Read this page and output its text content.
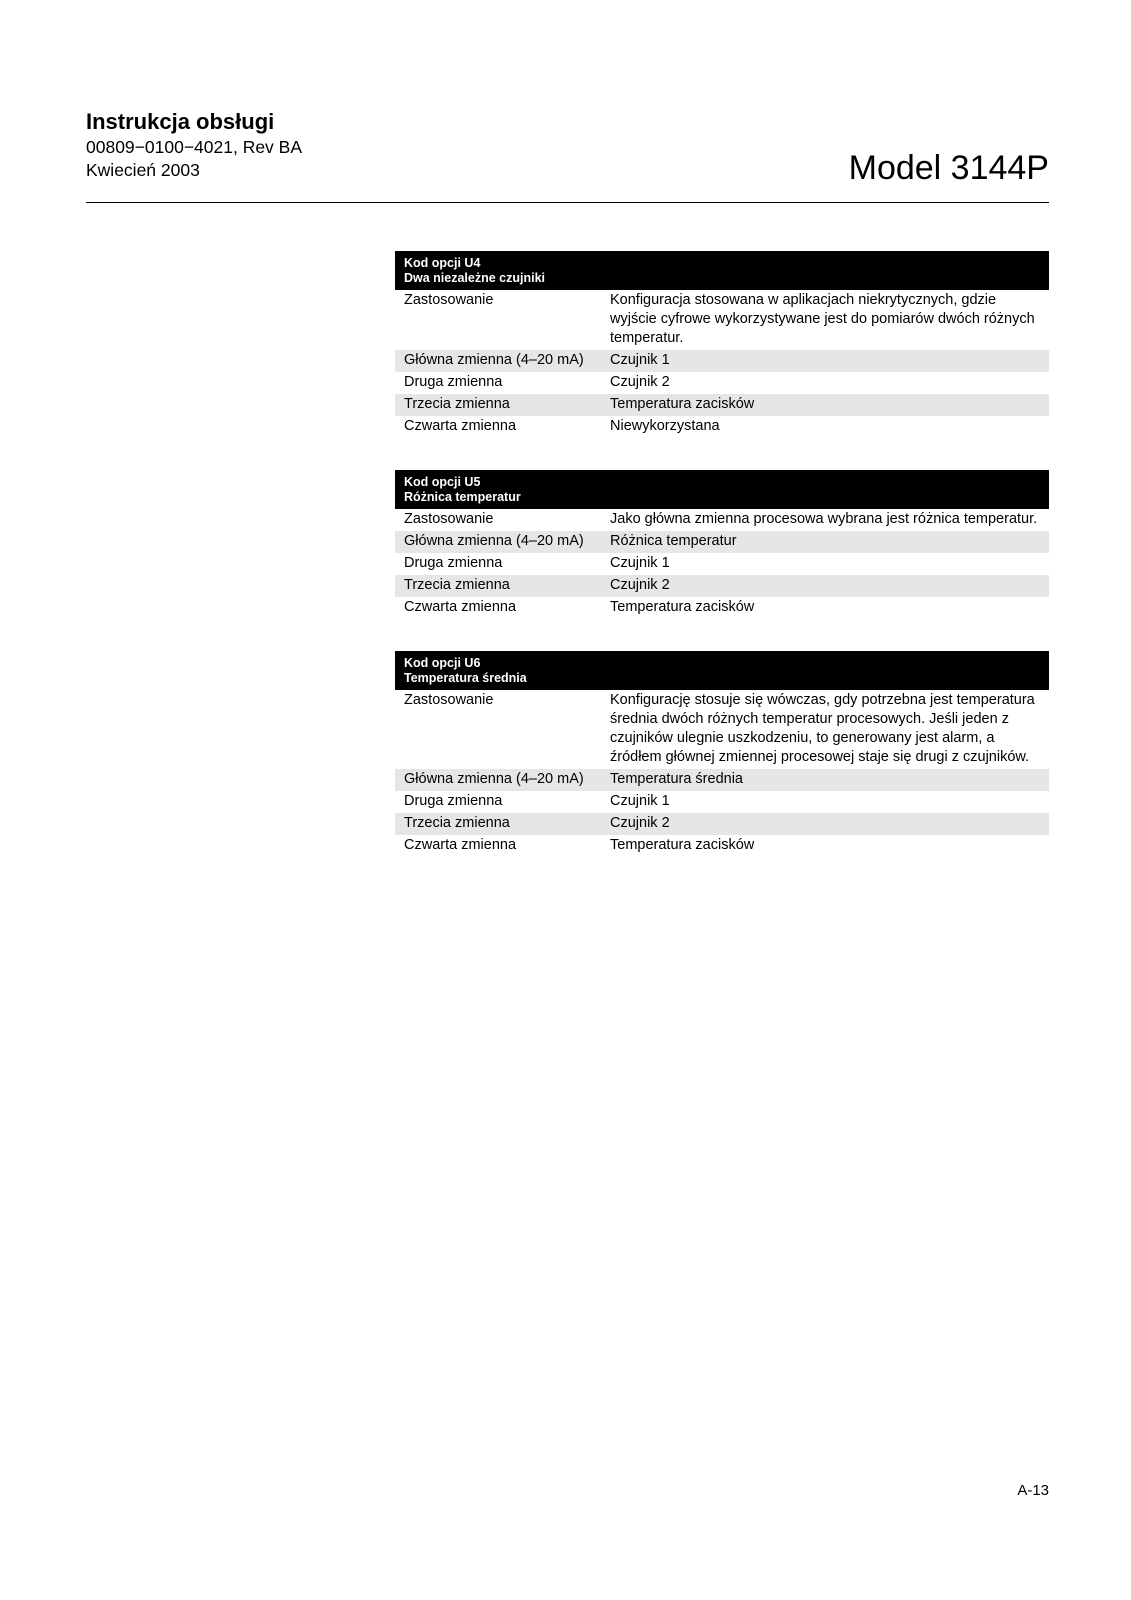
Instrukcja obsługi
00809−0100−4021, Rev BA
Kwiecień 2003	Model 3144P
Kod opcji U4
Dwa niezależne czujniki	

Zastosowanie	Konfiguracja stosowana w aplikacjach niekrytycznych, gdzie wyjście cyfrowe wykorzystywane jest do pomiarów dwóch różnych temperatur.
Główna zmienna (4–20 mA)	Czujnik 1
Druga zmienna	Czujnik 2
Trzecia zmienna	Temperatura zacisków
Czwarta zmienna	Niewykorzystana
Kod opcji U5
Różnica temperatur	

Zastosowanie	Jako główna zmienna procesowa wybrana jest różnica temperatur.
Główna zmienna (4–20 mA)	Różnica temperatur
Druga zmienna	Czujnik 1
Trzecia zmienna	Czujnik 2
Czwarta zmienna	Temperatura zacisków
Kod opcji U6
Temperatura średnia	

Zastosowanie	Konfigurację stosuje się wówczas, gdy potrzebna jest temperatura średnia dwóch różnych temperatur procesowych. Jeśli jeden z czujników ulegnie uszkodzeniu, to generowany jest alarm, a źródłem głównej zmiennej procesowej staje się drugi z czujników.
Główna zmienna (4–20 mA)	Temperatura średnia
Druga zmienna	Czujnik 1
Trzecia zmienna	Czujnik 2
Czwarta zmienna	Temperatura zacisków
A-13
